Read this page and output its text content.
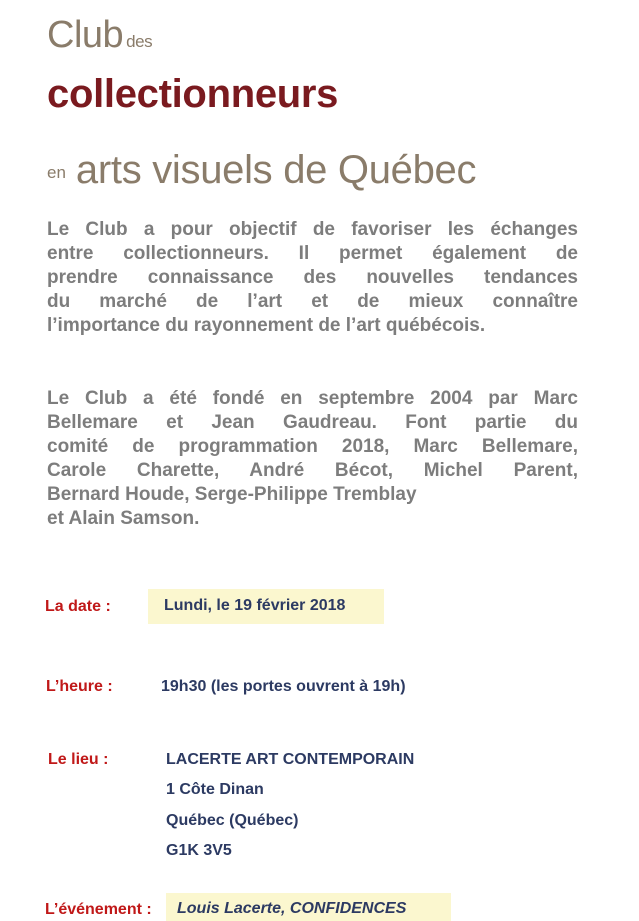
Club des
collectionneurs
en arts visuels de Québec
Le Club a pour objectif de favoriser les échanges
entre collectionneurs. Il permet également de
prendre connaissance des nouvelles tendances
du marché de l’art et de mieux connaître
l’importance du rayonnement de l’art québécois.
Le Club a été fondé en septembre 2004 par Marc
Bellemare et Jean Gaudreau. Font partie du
comité de programmation 2018, Marc Bellemare,
Carole Charette, André Bécot, Michel Parent,
Bernard Houde, Serge-Philippe Tremblay
et Alain Samson.
La date :	Lundi, le 19 février 2018
L’heure :	19h30 (les portes ouvrent à 19h)
Le lieu :	LACERTE ART CONTEMPORAIN
1 Côte Dinan
Québec (Québec)
G1K 3V5
L’événement : Louis Lacerte, CONFIDENCES
